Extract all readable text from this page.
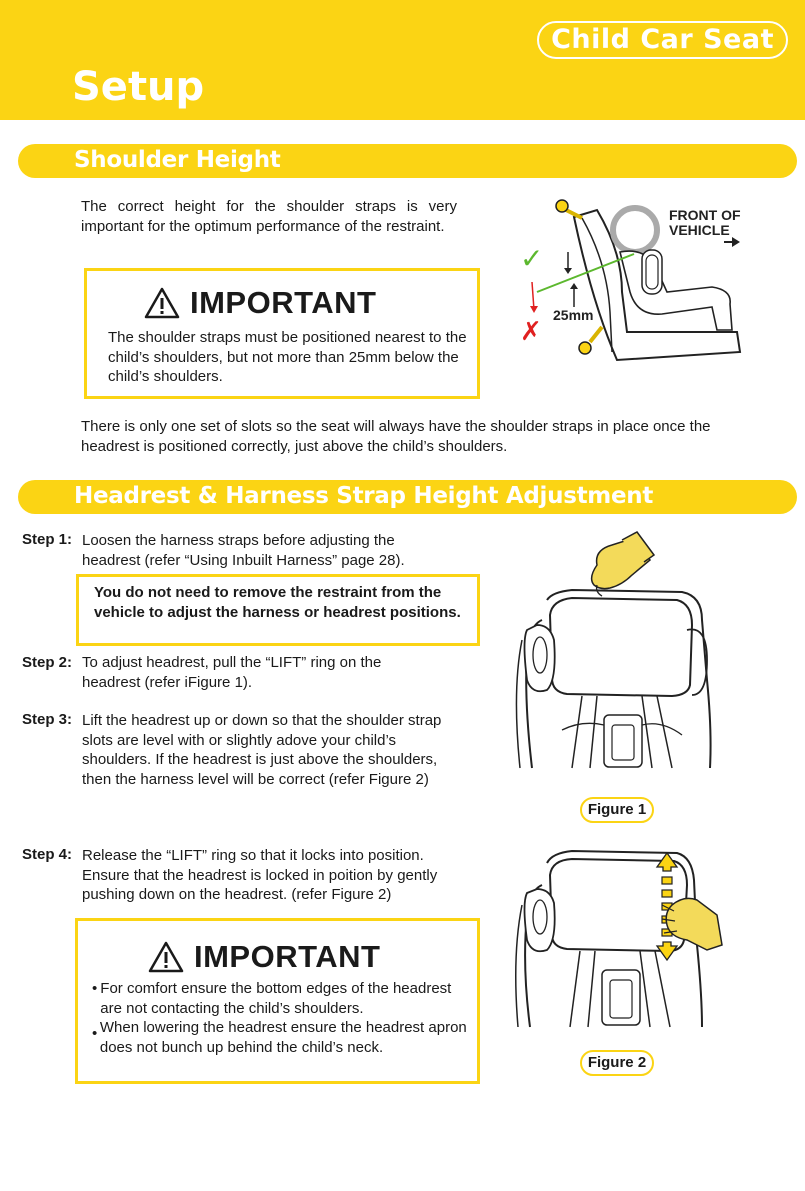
Child Car Seat
Setup
Shoulder Height
The correct height for the shoulder straps is very important for the optimum performance of the restraint.
IMPORTANT
The shoulder straps must be positioned nearest to the child’s shoulders, but not more than 25mm below the child’s shoulders.
✓
✗
25mm
FRONT OF
VEHICLE
There is only one set of slots so the seat will always have the shoulder straps in place once the headrest is positioned correctly, just above the child’s shoulders.
Headrest & Harness Strap Height Adjustment
Step 1: Loosen the harness straps before adjusting the headrest (refer “Using Inbuilt Harness” page 28).
You do not need to remove the restraint from the vehicle to adjust the harness or headrest positions.
Step 2: To adjust headrest, pull the “LIFT” ring on the headrest (refer iFigure 1).
Step 3: Lift the headrest up or down so that the shoulder strap slots are level with or slightly adove your child’s shoulders. If the headrest is just above the shoulders, then the harness level will be correct (refer Figure 2)
Step 4: Release the “LIFT” ring so that it locks into position. Ensure that the headrest is locked in poition by gently pushing down on the headrest. (refer Figure 2)
IMPORTANT
• For comfort ensure the bottom edges of the headrest are not contacting the child’s shoulders.
• When lowering the headrest ensure the headrest apron does not bunch up behind the child’s neck.
Figure 1
Figure 2
